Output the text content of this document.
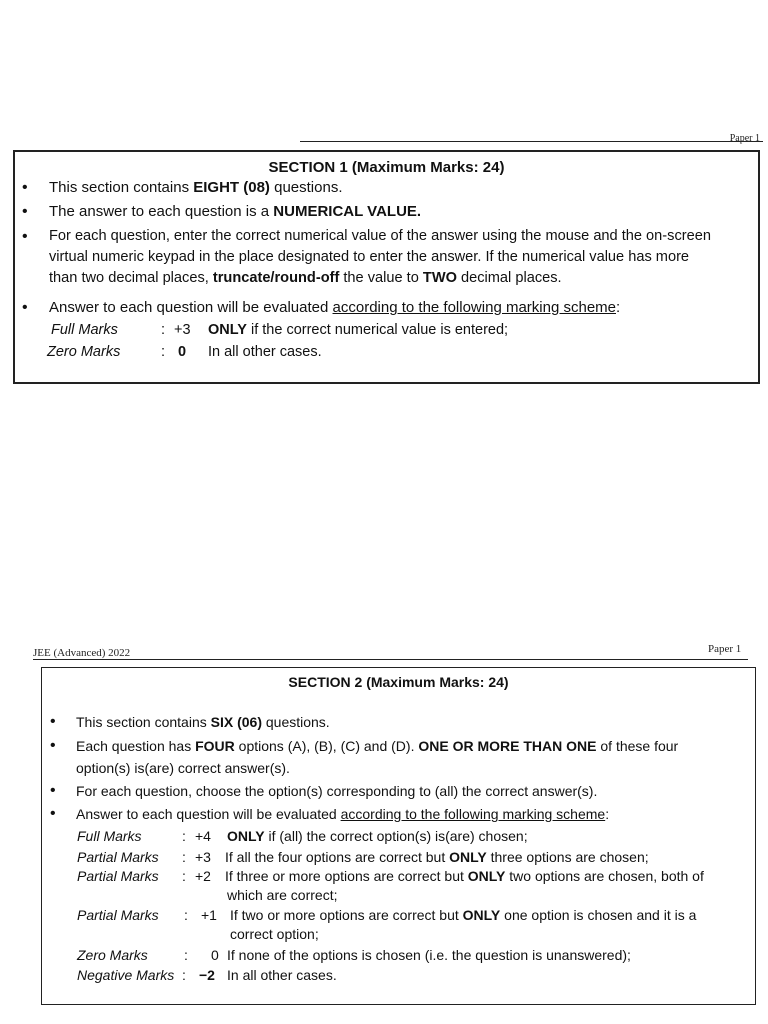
Paper 1
SECTION 1 (Maximum Marks: 24)
• This section contains EIGHT (08) questions.
• The answer to each question is a NUMERICAL VALUE.
• For each question, enter the correct numerical value of the answer using the mouse and the on-screen
virtual numeric keypad in the place designated to enter the answer. If the numerical value has more
than two decimal places, truncate/round-off the value to TWO decimal places.
• Answer to each question will be evaluated according to the following marking scheme:
Full Marks	: +3 ONLY if the correct numerical value is entered;
Zero Marks	: 0 In all other cases.
JEE (Advanced) 2022	Paper 1
SECTION 2 (Maximum Marks: 24)
• This section contains SIX (06) questions.
• Each question has FOUR options (A), (B), (C) and (D). ONE OR MORE THAN ONE of these four
option(s) is(are) correct answer(s).
• For each question, choose the option(s) corresponding to (all) the correct answer(s).
• Answer to each question will be evaluated according to the following marking scheme:
Full Marks	: +4 ONLY if (all) the correct option(s) is(are) chosen;
Partial Marks : +3 If all the four options are correct but ONLY three options are chosen;
Partial Marks : +2 If three or more options are correct but ONLY two options are chosen, both of
which are correct;
Partial Marks : +1 If two or more options are correct but ONLY one option is chosen and it is a
correct option;
Zero Marks	: 0 If none of the options is chosen (i.e. the question is unanswered);
Negative Marks : −2 In all other cases.
